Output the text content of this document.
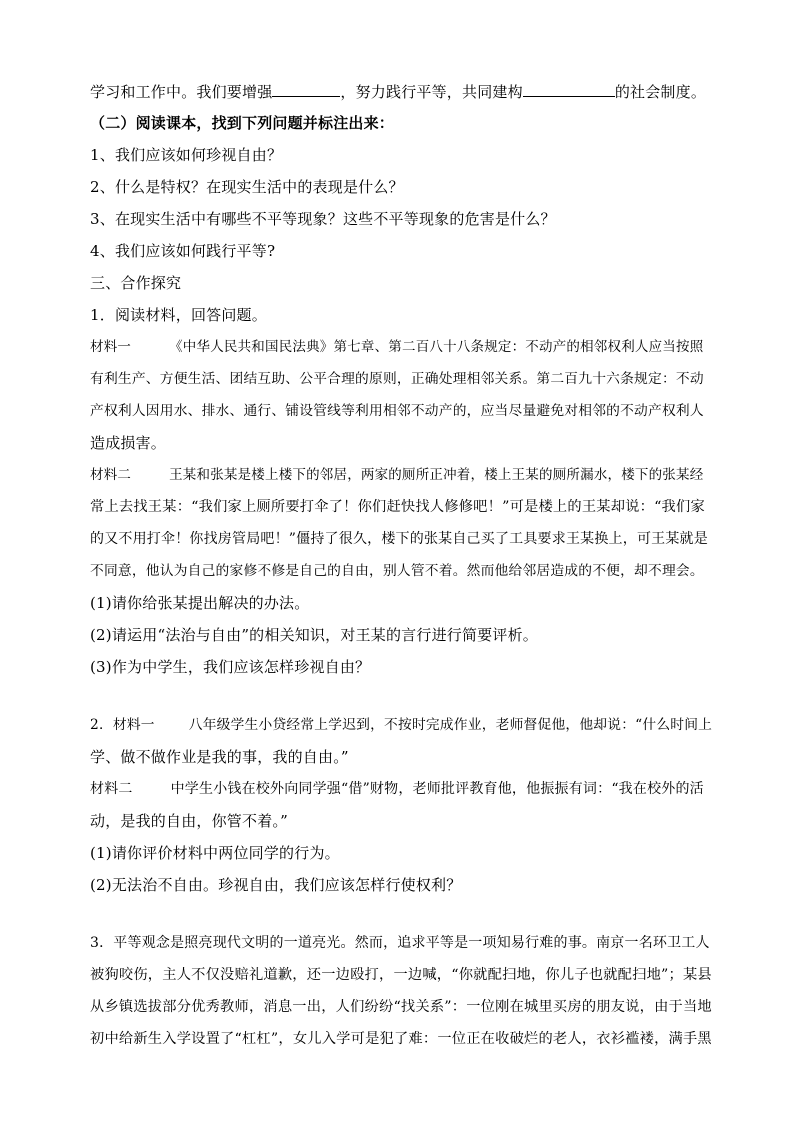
学习和工作中。我们要增强	，努力践行平等，共同建构	的社会制度。
（二）阅读课本，找到下列问题并标注出来：
1、我们应该如何珍视自由？
2、什么是特权？在现实生活中的表现是什么？
3、在现实生活中有哪些不平等现象？这些不平等现象的危害是什么？
4、我们应该如何践行平等?
三、合作探究
1．阅读材料，回答问题。
材料一	《中华人民共和国民法典》第七章、第二百八十八条规定：不动产的相邻权利人应当按照
有利生产、方便生活、团结互助、公平合理的原则，正确处理相邻关系。第二百九十六条规定：不动
产权利人因用水、排水、通行、铺设管线等利用相邻不动产的，应当尽量避免对相邻的不动产权利人
造成损害。
材料二	王某和张某是楼上楼下的邻居，两家的厕所正冲着，楼上王某的厕所漏水，楼下的张某经
常上去找王某：“我们家上厕所要打伞了！你们赶快找人修修吧！”可是楼上的王某却说：“我们家
的又不用打伞！你找房管局吧！”僵持了很久，楼下的张某自己买了工具要求王某换上，可王某就是
不同意，他认为自己的家修不修是自己的自由，别人管不着。然而他给邻居造成的不便，却不理会。
(1)请你给张某提出解决的办法。
(2)请运用“法治与自由”的相关知识，对王某的言行进行简要评析。
(3)作为中学生，我们应该怎样珍视自由？
2．材料一 八年级学生小贷经常上学迟到，不按时完成作业，老师督促他，他却说：“什么时间上
学、做不做作业是我的事，我的自由。”
材料二	中学生小钱在校外向同学强“借”财物，老师批评教育他，他振振有词：“我在校外的活
动，是我的自由，你管不着。”
(1)请你评价材料中两位同学的行为。
(2)无法治不自由。珍视自由，我们应该怎样行使权利？
3．平等观念是照亮现代文明的一道亮光。然而，追求平等是一项知易行难的事。南京一名环卫工人
被狗咬伤，主人不仅没赔礼道歉，还一边殴打，一边喊，“你就配扫地，你儿子也就配扫地”；某县
从乡镇选拔部分优秀教师，消息一出，人们纷纷“找关系”：一位刚在城里买房的朋友说，由于当地
初中给新生入学设置了“杠杠”，女儿入学可是犯了难：一位正在收破烂的老人，衣衫褴褛，满手黑
